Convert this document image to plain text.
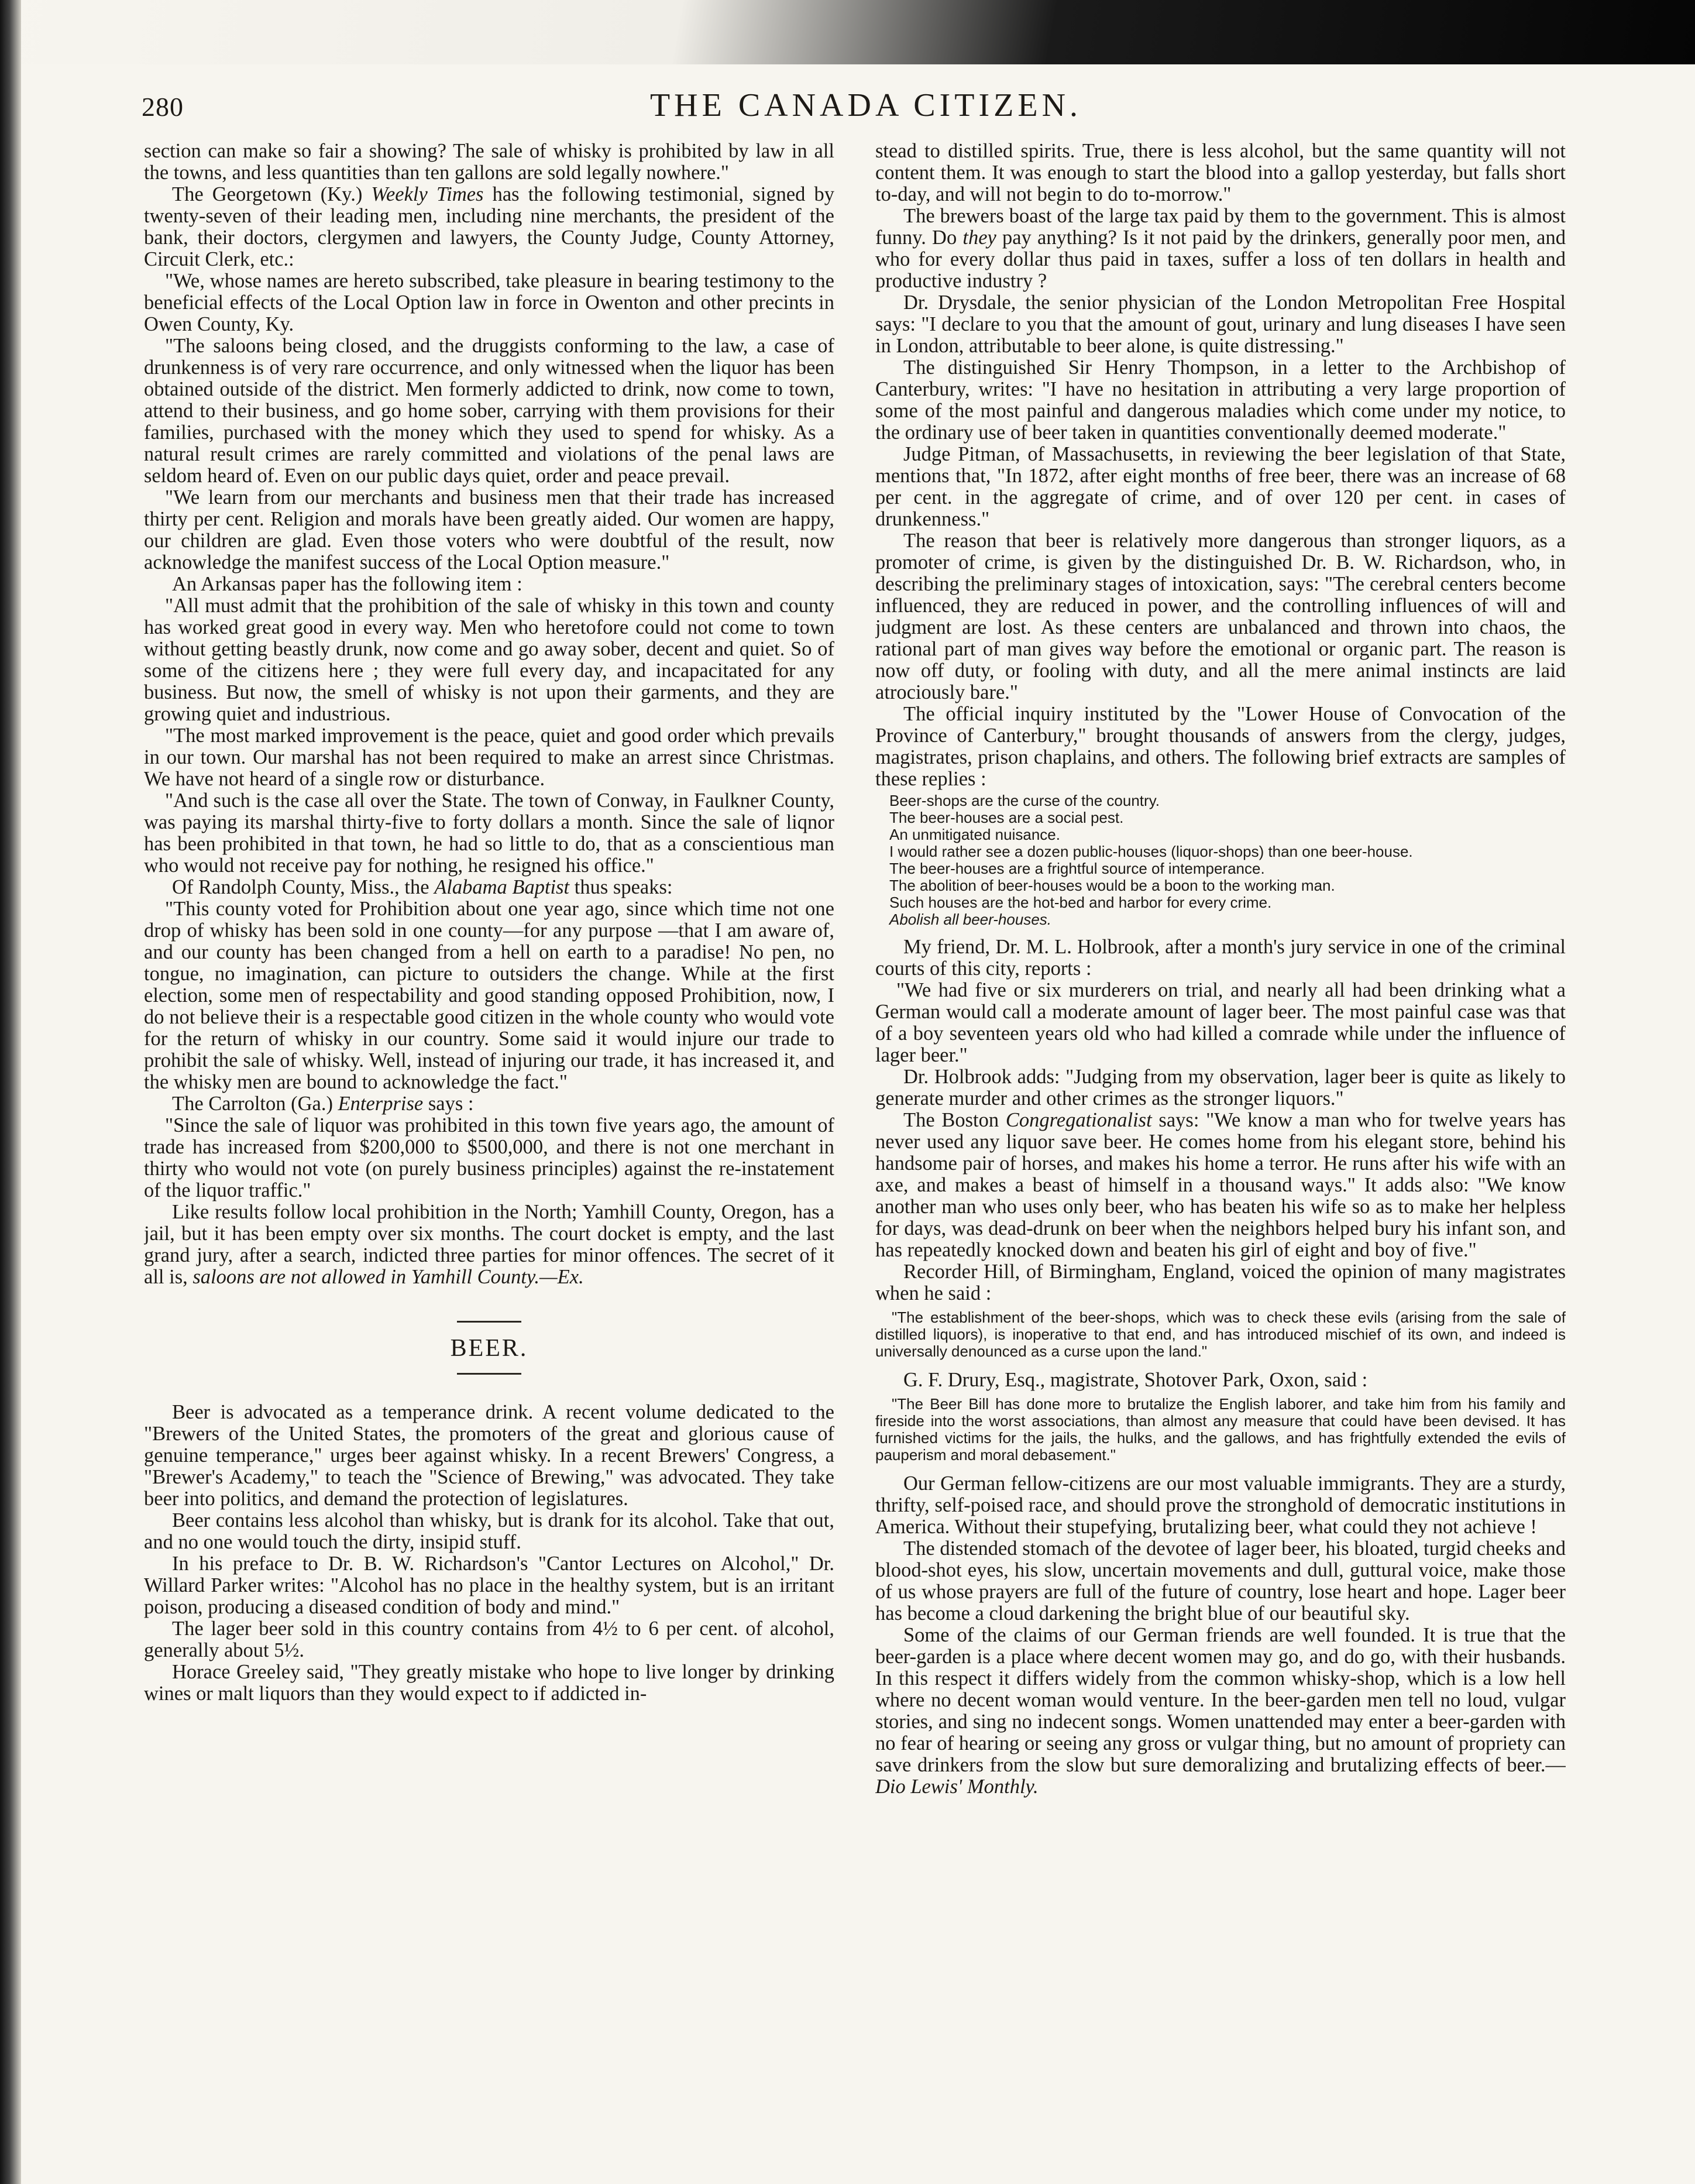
280	THE CANADA CITIZEN.

section can make so fair a showing? The sale of whisky is prohibited by law in all the towns, and less quantities than ten gallons are sold legally nowhere."

The Georgetown (Ky.) Weekly Times has the following testimonial, signed by twenty-seven of their leading men, including nine merchants, the president of the bank, their doctors, clergymen and lawyers, the County Judge, County Attorney, Circuit Clerk, etc.:

"We, whose names are hereto subscribed, take pleasure in bearing testimony to the beneficial effects of the Local Option law in force in Owenton and other precints in Owen County, Ky.

"The saloons being closed, and the druggists conforming to the law, a case of drunkenness is of very rare occurrence, and only witnessed when the liquor has been obtained outside of the district. Men formerly addicted to drink, now come to town, attend to their business, and go home sober, carrying with them provisions for their families, purchased with the money which they used to spend for whisky. As a natural result crimes are rarely committed and violations of the penal laws are seldom heard of. Even on our public days quiet, order and peace prevail.

"We learn from our merchants and business men that their trade has increased thirty per cent. Religion and morals have been greatly aided. Our women are happy, our children are glad. Even those voters who were doubtful of the result, now acknowledge the manifest success of the Local Option measure."

An Arkansas paper has the following item :

"All must admit that the prohibition of the sale of whisky in this town and county has worked great good in every way. Men who heretofore could not come to town without getting beastly drunk, now come and go away sober, decent and quiet. So of some of the citizens here ; they were full every day, and incapacitated for any business. But now, the smell of whisky is not upon their garments, and they are growing quiet and industrious.

"The most marked improvement is the peace, quiet and good order which prevails in our town. Our marshal has not been required to make an arrest since Christmas. We have not heard of a single row or disturbance.

"And such is the case all over the State. The town of Conway, in Faulkner County, was paying its marshal thirty-five to forty dollars a month. Since the sale of liqnor has been prohibited in that town, he had so little to do, that as a conscientious man who would not receive pay for nothing, he resigned his office."

Of Randolph County, Miss., the Alabama Baptist thus speaks:

"This county voted for Prohibition about one year ago, since which time not one drop of whisky has been sold in one county—for any purpose —that I am aware of, and our county has been changed from a hell on earth to a paradise! No pen, no tongue, no imagination, can picture to outsiders the change. While at the first election, some men of respectability and good standing opposed Prohibition, now, I do not believe their is a respectable good citizen in the whole county who would vote for the return of whisky in our country. Some said it would injure our trade to prohibit the sale of whisky. Well, instead of injuring our trade, it has increased it, and the whisky men are bound to acknowledge the fact."

The Carrolton (Ga.) Enterprise says :

"Since the sale of liquor was prohibited in this town five years ago, the amount of trade has increased from $200,000 to $500,000, and there is not one merchant in thirty who would not vote (on purely business principles) against the re-instatement of the liquor traffic."

Like results follow local prohibition in the North; Yamhill County, Oregon, has a jail, but it has been empty over six months. The court docket is empty, and the last grand jury, after a search, indicted three parties for minor offences. The secret of it all is, saloons are not allowed in Yamhill County.—Ex.

BEER.

Beer is advocated as a temperance drink. A recent volume dedicated to the "Brewers of the United States, the promoters of the great and glorious cause of genuine temperance," urges beer against whisky. In a recent Brewers' Congress, a "Brewer's Academy," to teach the "Science of Brewing," was advocated. They take beer into politics, and demand the protection of legislatures.

Beer contains less alcohol than whisky, but is drank for its alcohol. Take that out, and no one would touch the dirty, insipid stuff.

In his preface to Dr. B. W. Richardson's "Cantor Lectures on Alcohol," Dr. Willard Parker writes: "Alcohol has no place in the healthy system, but is an irritant poison, producing a diseased condition of body and mind."

The lager beer sold in this country contains from 4½ to 6 per cent. of alcohol, generally about 5½.

Horace Greeley said, "They greatly mistake who hope to live longer by drinking wines or malt liquors than they would expect to if addicted in-

stead to distilled spirits. True, there is less alcohol, but the same quantity will not content them. It was enough to start the blood into a gallop yesterday, but falls short to-day, and will not begin to do to-morrow."

The brewers boast of the large tax paid by them to the government. This is almost funny. Do they pay anything? Is it not paid by the drinkers, generally poor men, and who for every dollar thus paid in taxes, suffer a loss of ten dollars in health and productive industry ?

Dr. Drysdale, the senior physician of the London Metropolitan Free Hospital says: "I declare to you that the amount of gout, urinary and lung diseases I have seen in London, attributable to beer alone, is quite distressing."

The distinguished Sir Henry Thompson, in a letter to the Archbishop of Canterbury, writes: "I have no hesitation in attributing a very large proportion of some of the most painful and dangerous maladies which come under my notice, to the ordinary use of beer taken in quantities conventionally deemed moderate."

Judge Pitman, of Massachusetts, in reviewing the beer legislation of that State, mentions that, "In 1872, after eight months of free beer, there was an increase of 68 per cent. in the aggregate of crime, and of over 120 per cent. in cases of drunkenness."

The reason that beer is relatively more dangerous than stronger liquors, as a promoter of crime, is given by the distinguished Dr. B. W. Richardson, who, in describing the preliminary stages of intoxication, says: "The cerebral centers become influenced, they are reduced in power, and the controlling influences of will and judgment are lost. As these centers are unbalanced and thrown into chaos, the rational part of man gives way before the emotional or organic part. The reason is now off duty, or fooling with duty, and all the mere animal instincts are laid atrociously bare."

The official inquiry instituted by the "Lower House of Convocation of the Province of Canterbury," brought thousands of answers from the clergy, judges, magistrates, prison chaplains, and others. The following brief extracts are samples of these replies :

Beer-shops are the curse of the country.
The beer-houses are a social pest.
An unmitigated nuisance.
I would rather see a dozen public-houses (liquor-shops) than one beer-house.
The beer-houses are a frightful source of intemperance.
The abolition of beer-houses would be a boon to the working man.
Such houses are the hot-bed and harbor for every crime.
Abolish all beer-houses.

My friend, Dr. M. L. Holbrook, after a month's jury service in one of the criminal courts of this city, reports :

"We had five or six murderers on trial, and nearly all had been drinking what a German would call a moderate amount of lager beer. The most painful case was that of a boy seventeen years old who had killed a comrade while under the influence of lager beer."

Dr. Holbrook adds: "Judging from my observation, lager beer is quite as likely to generate murder and other crimes as the stronger liquors."

The Boston Congregationalist says: "We know a man who for twelve years has never used any liquor save beer. He comes home from his elegant store, behind his handsome pair of horses, and makes his home a terror. He runs after his wife with an axe, and makes a beast of himself in a thousand ways." It adds also: "We know another man who uses only beer, who has beaten his wife so as to make her helpless for days, was dead-drunk on beer when the neighbors helped bury his infant son, and has repeatedly knocked down and beaten his girl of eight and boy of five."

Recorder Hill, of Birmingham, England, voiced the opinion of many magistrates when he said :

"The establishment of the beer-shops, which was to check these evils (arising from the sale of distilled liquors), is inoperative to that end, and has introduced mischief of its own, and indeed is universally denounced as a curse upon the land."

G. F. Drury, Esq., magistrate, Shotover Park, Oxon, said :

"The Beer Bill has done more to brutalize the English laborer, and take him from his family and fireside into the worst associations, than almost any measure that could have been devised. It has furnished victims for the jails, the hulks, and the gallows, and has frightfully extended the evils of pauperism and moral debasement."

Our German fellow-citizens are our most valuable immigrants. They are a sturdy, thrifty, self-poised race, and should prove the stronghold of democratic institutions in America. Without their stupefying, brutalizing beer, what could they not achieve !

The distended stomach of the devotee of lager beer, his bloated, turgid cheeks and blood-shot eyes, his slow, uncertain movements and dull, guttural voice, make those of us whose prayers are full of the future of country, lose heart and hope. Lager beer has become a cloud darkening the bright blue of our beautiful sky.

Some of the claims of our German friends are well founded. It is true that the beer-garden is a place where decent women may go, and do go, with their husbands. In this respect it differs widely from the common whisky-shop, which is a low hell where no decent woman would venture. In the beer-garden men tell no loud, vulgar stories, and sing no indecent songs. Women unattended may enter a beer-garden with no fear of hearing or seeing any gross or vulgar thing, but no amount of propriety can save drinkers from the slow but sure demoralizing and brutalizing effects of beer.—Dio Lewis' Monthly.
